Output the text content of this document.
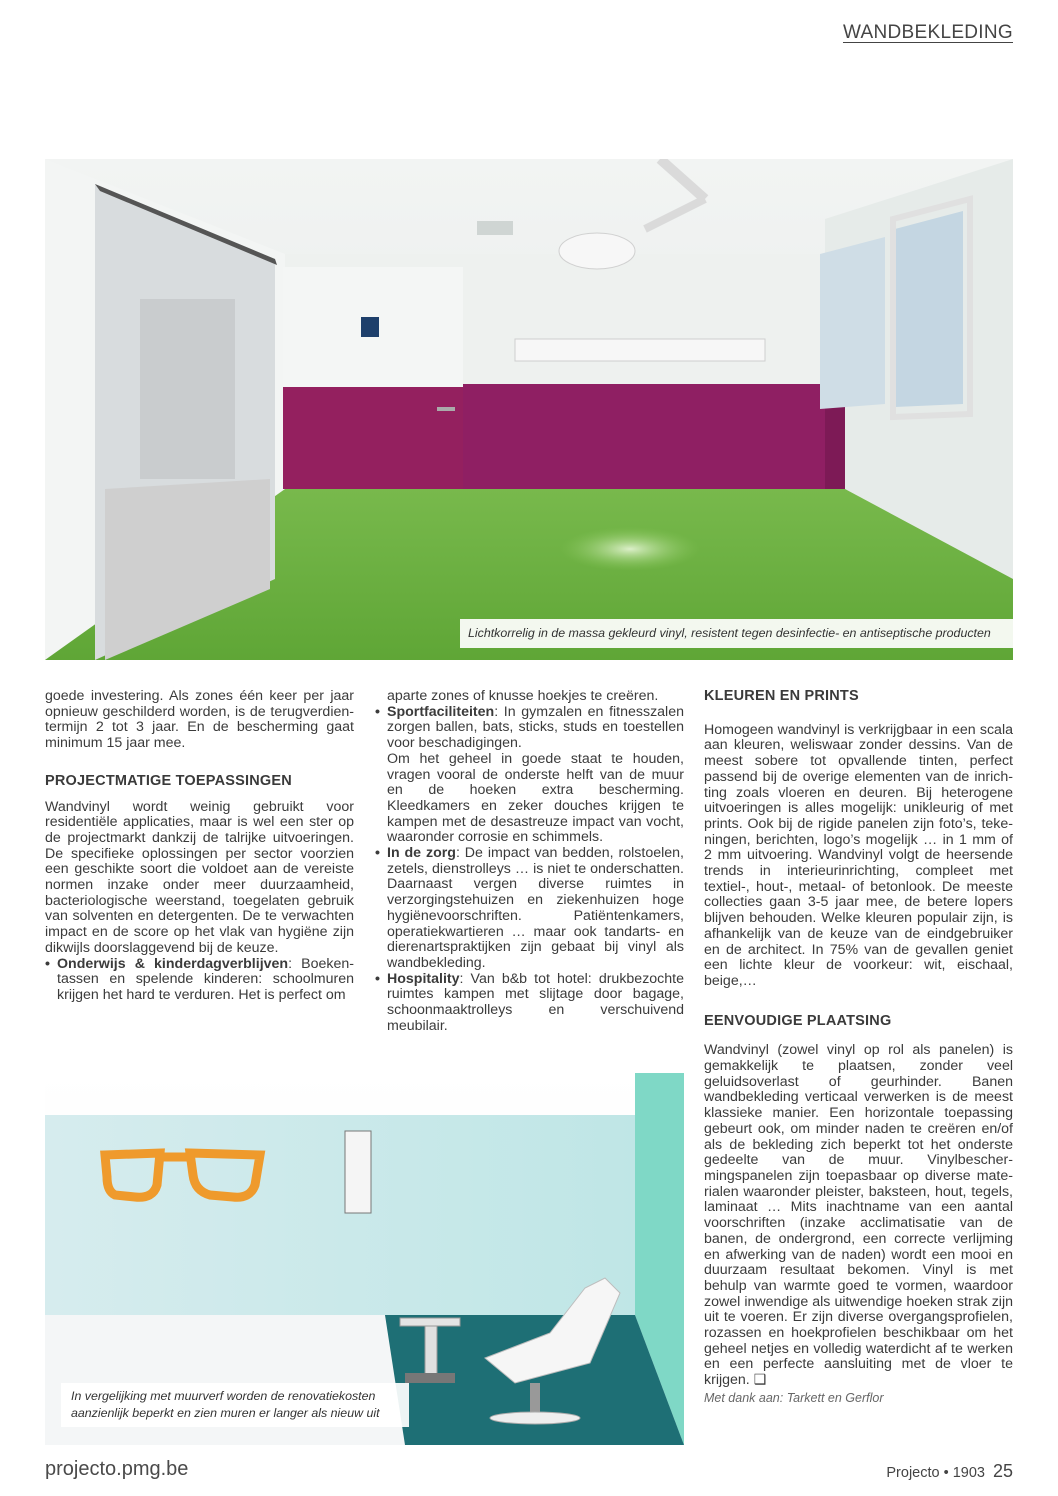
WANDBEKLEDING
Lichtkorrelig in de massa gekleurd vinyl, resistent tegen desinfectie- en antiseptische producten

goede investering. Als zones één keer per jaar opnieuw geschilderd worden, is de terugverdientermijn 2 tot 3 jaar. En de bescherming gaat minimum 15 jaar mee.

PROJECTMATIGE TOEPASSINGEN

Wandvinyl wordt weinig gebruikt voor residentiële applicaties, maar is wel een ster op de projectmarkt dankzij de talrijke uitvoeringen. De specifieke oplossingen per sector voorzien een geschikte soort die voldoet aan de vereiste normen inzake onder meer duurzaamheid, bacteriologische weerstand, toegelaten gebruik van solventen en detergenten. De te verwachten impact en de score op het vlak van hygiëne zijn dikwijls doorslaggevend bij de keuze.

• Onderwijs & kinderdagverblijven: Boekentassen en spelende kinderen: schoolmuren krijgen het hard te verduren. Het is perfect om

aparte zones of knusse hoekjes te creëren.

• Sportfaciliteiten: In gymzalen en fitnesszalen zorgen ballen, bats, sticks, studs en toestellen voor beschadigingen.

Om het geheel in goede staat te houden, vragen vooral de onderste helft van de muur en de hoeken extra bescherming. Kleedkamers en zeker douches krijgen te kampen met de desastreuze impact van vocht, waaronder corrosie en schimmels.

• In de zorg: De impact van bedden, rolstoelen, zetels, dienstrolleys … is niet te onderschatten. Daarnaast vergen diverse ruimtes in verzorgingstehuizen en ziekenhuizen hoge hygiënevoorschriften. Patiëntenkamers, operatiekwartieren … maar ook tandarts- en dierenartspraktijken zijn gebaat bij vinyl als wandbekleding.
• Hospitality: Van b&b tot hotel: drukbezochte ruimtes kampen met slijtage door bagage, schoonmaaktrolleys en verschuivend meubilair.
KLEUREN EN PRINTS

Homogeen wandvinyl is verkrijgbaar in een scala aan kleuren, weliswaar zonder dessins. Van de meest sobere tot opvallende tinten, perfect passend bij de overige elementen van de inrichting zoals vloeren en deuren. Bij heterogene uitvoeringen is alles mogelijk: unikleurig of met prints. Ook bij de rigide panelen zijn foto’s, tekeningen, berichten, logo’s mogelijk … in 1 mm of 2 mm uitvoering. Wandvinyl volgt de heersende trends in interieurinrichting, compleet met textiel-, hout-, metaal- of betonlook. De meeste collecties gaan 3-5 jaar mee, de betere lopers blijven behouden. Welke kleuren populair zijn, is afhankelijk van de keuze van de eindgebruiker en de architect. In 75% van de gevallen geniet een lichte kleur de voorkeur: wit, eischaal, beige,…

EENVOUDIGE PLAATSING

Wandvinyl (zowel vinyl op rol als panelen) is gemakkelijk te plaatsen, zonder veel geluidsoverlast of geurhinder. Banen wandbekleding verticaal verwerken is de meest klassieke manier. Een horizontale toepassing gebeurt ook, om minder naden te creëren en/of als de bekleding zich beperkt tot het onderste gedeelte van de muur. Vinylbeschermingspanelen zijn toepasbaar op diverse materialen waaronder pleister, baksteen, hout, tegels, laminaat … Mits inachtname van een aantal voorschriften (inzake acclimatisatie van de banen, de ondergrond, een correcte verlijming en afwerking van de naden) wordt een mooi en duurzaam resultaat bekomen. Vinyl is met behulp van warmte goed te vormen, waardoor zowel inwendige als uitwendige hoeken strak zijn uit te voeren. Er zijn diverse overgangsprofielen, rozassen en hoekprofielen beschikbaar om het geheel netjes en volledig waterdicht af te werken en een perfecte aansluiting met de vloer te krijgen. ❑

Met dank aan: Tarkett en Gerflor
In vergelijking met muurverf worden de renovatiekosten
aanzienlijk beperkt en zien muren er langer als nieuw uit
projecto.pmg.be	Projecto • 1903 25
